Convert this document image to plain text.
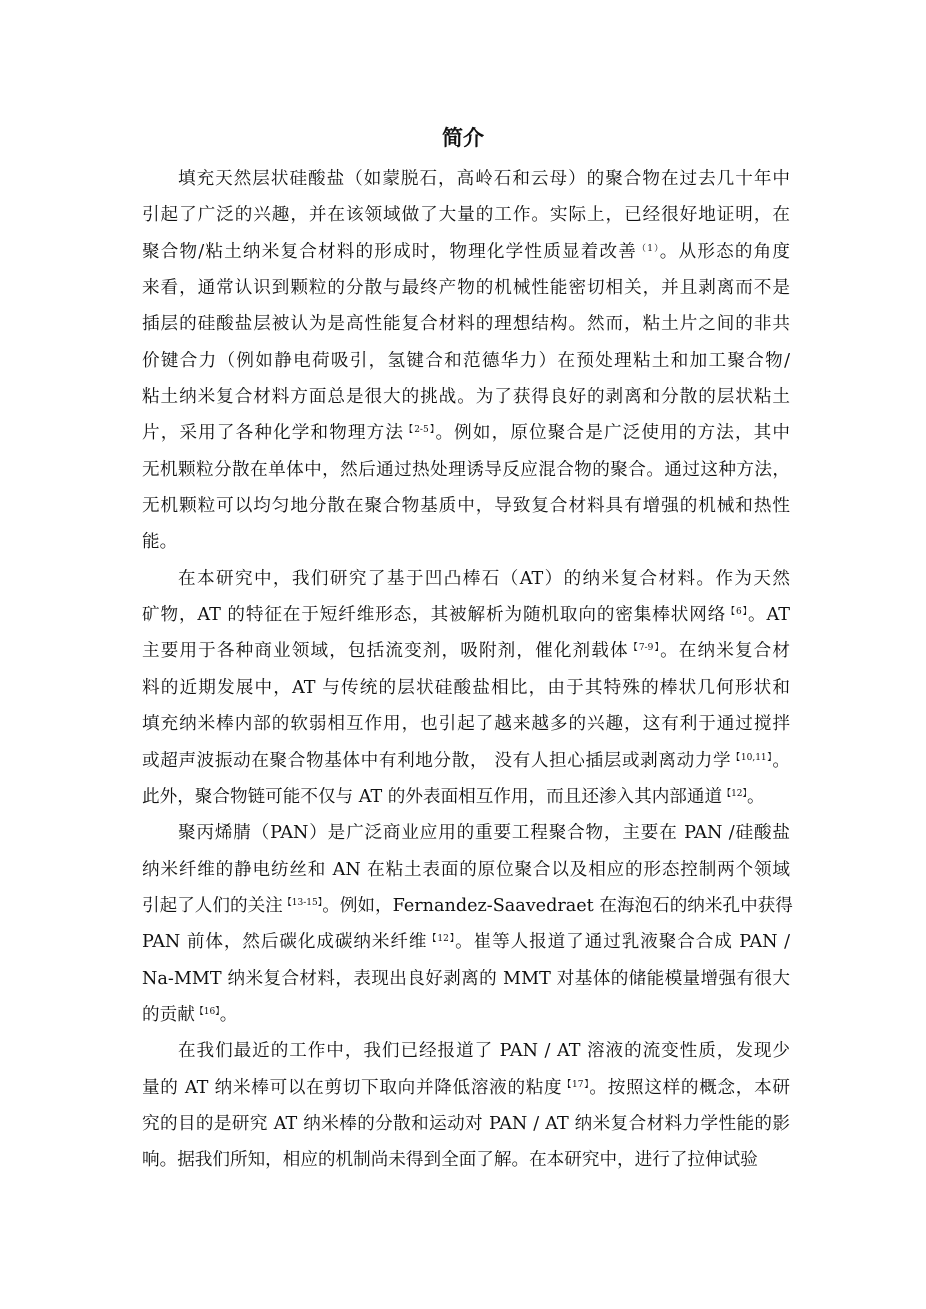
简介
填充天然层状硅酸盐（如蒙脱石，高岭石和云母）的聚合物在过去几十年中
引起了广泛的兴趣，并在该领域做了大量的工作。实际上，已经很好地证明，在
聚合物/粘土纳米复合材料的形成时，物理化学性质显着改善$^{(1)}$。从形态的角度
来看，通常认识到颗粒的分散与最终产物的机械性能密切相关，并且剥离而不是
插层的硅酸盐层被认为是高性能复合材料的理想结构。然而，粘土片之间的非共
价键合力（例如静电荷吸引，氢键合和范德华力）在预处理粘土和加工聚合物/
粘土纳米复合材料方面总是很大的挑战。为了获得良好的剥离和分散的层状粘土
片，采用了各种化学和物理方法$^{【2-5】}$。例如，原位聚合是广泛使用的方法，其中
无机颗粒分散在单体中，然后通过热处理诱导反应混合物的聚合。通过这种方法，
无机颗粒可以均匀地分散在聚合物基质中，导致复合材料具有增强的机械和热性
能。
在本研究中，我们研究了基于凹凸棒石（AT）的纳米复合材料。作为天然
矿物，AT 的特征在于短纤维形态，其被解析为随机取向的密集棒状网络$^{【6】}$。AT
主要用于各种商业领域，包括流变剂，吸附剂，催化剂载体$^{【7-9】}$。在纳米复合材
料的近期发展中，AT 与传统的层状硅酸盐相比，由于其特殊的棒状几何形状和
填充纳米棒内部的软弱相互作用，也引起了越来越多的兴趣，这有利于通过搅拌
或超声波振动在聚合物基体中有利地分散， 没有人担心插层或剥离动力学$^{【10,11】}$。
此外，聚合物链可能不仅与 AT 的外表面相互作用，而且还渗入其内部通道$^{【12】}$。
聚丙烯腈（PAN）是广泛商业应用的重要工程聚合物，主要在 PAN /硅酸盐
纳米纤维的静电纺丝和 AN 在粘土表面的原位聚合以及相应的形态控制两个领域
引起了人们的关注$^{【13-15】}$。例如，Fernandez-Saavedraet 在海泡石的纳米孔中获得
PAN 前体，然后碳化成碳纳米纤维$^{【12】}$。崔等人报道了通过乳液聚合合成 PAN /
Na-MMT 纳米复合材料，表现出良好剥离的 MMT 对基体的储能模量增强有很大
的贡献$^{【16】}$。
在我们最近的工作中，我们已经报道了 PAN / AT 溶液的流变性质，发现少
量的 AT 纳米棒可以在剪切下取向并降低溶液的粘度$^{【17】}$。按照这样的概念，本研
究的目的是研究 AT 纳米棒的分散和运动对 PAN / AT 纳米复合材料力学性能的影
响。据我们所知，相应的机制尚未得到全面了解。在本研究中，进行了拉伸试验
